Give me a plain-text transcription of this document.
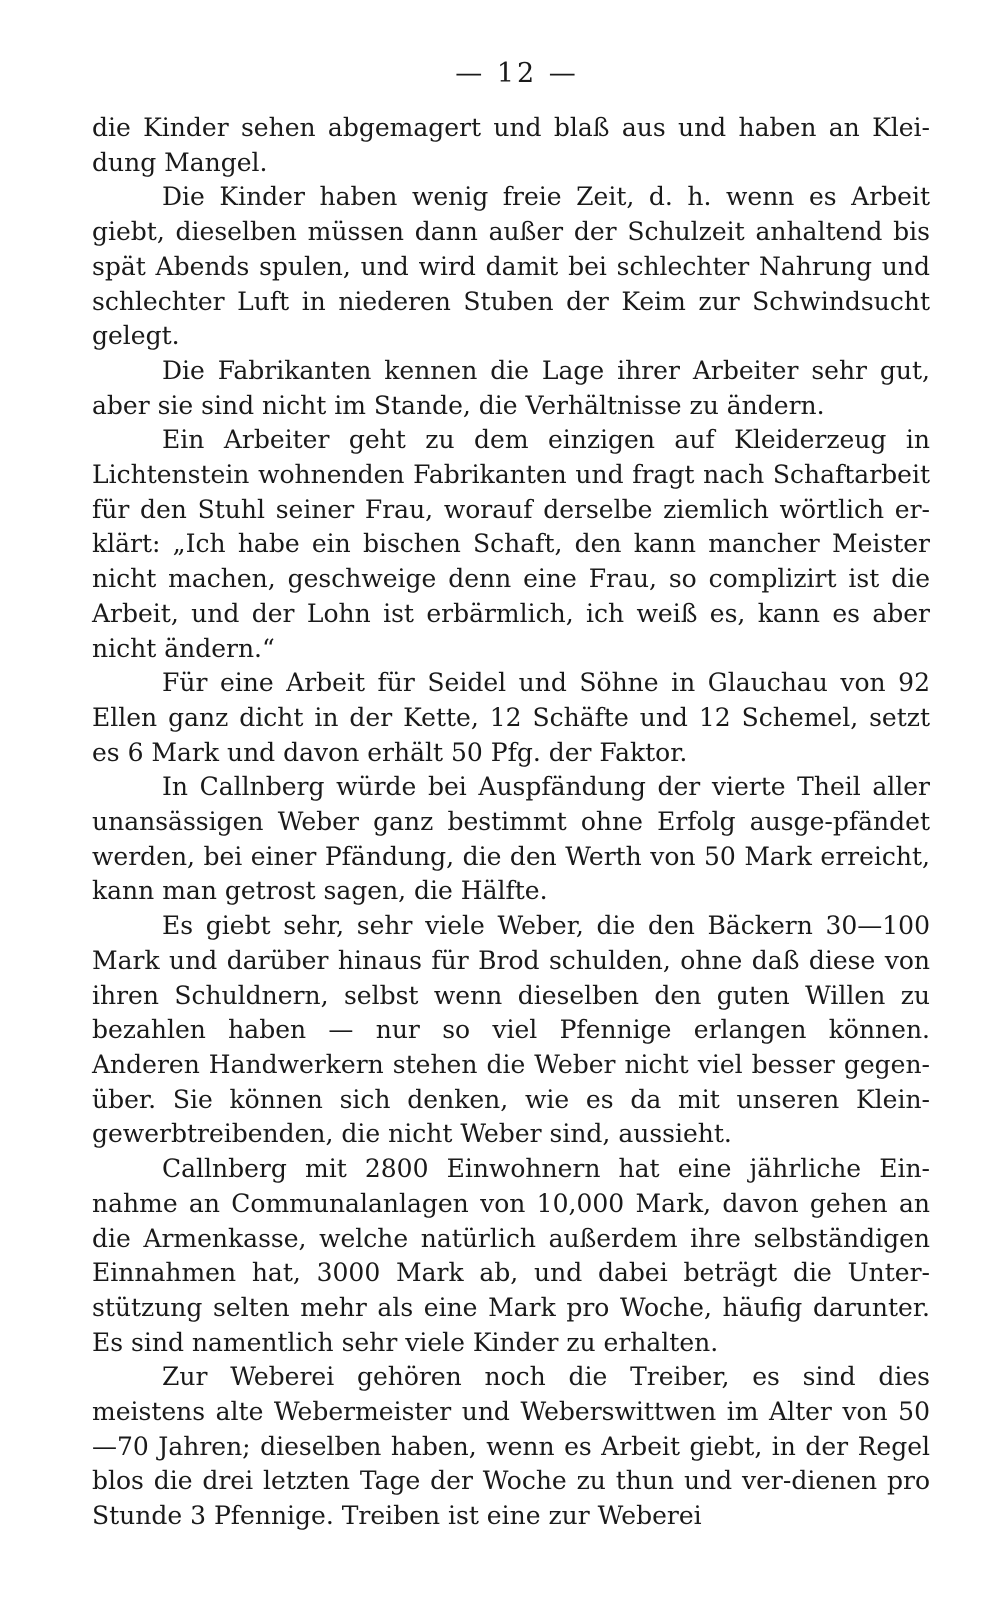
— 12 —

die Kinder sehen abgemagert und blaß aus und haben an Klei-dung Mangel.

Die Kinder haben wenig freie Zeit, d. h. wenn es Arbeit giebt, dieselben müssen dann außer der Schulzeit anhaltend bis spät Abends spulen, und wird damit bei schlechter Nahrung und schlechter Luft in niederen Stuben der Keim zur Schwindsucht gelegt.

Die Fabrikanten kennen die Lage ihrer Arbeiter sehr gut, aber sie sind nicht im Stande, die Verhältnisse zu ändern.

Ein Arbeiter geht zu dem einzigen auf Kleiderzeug in Lichtenstein wohnenden Fabrikanten und fragt nach Schaftarbeit für den Stuhl seiner Frau, worauf derselbe ziemlich wörtlich er-klärt: „Ich habe ein bischen Schaft, den kann mancher Meister nicht machen, geschweige denn eine Frau, so complizirt ist die Arbeit, und der Lohn ist erbärmlich, ich weiß es, kann es aber nicht ändern.“

Für eine Arbeit für Seidel und Söhne in Glauchau von 92 Ellen ganz dicht in der Kette, 12 Schäfte und 12 Schemel, setzt es 6 Mark und davon erhält 50 Pfg. der Faktor.

In Callnberg würde bei Auspfändung der vierte Theil aller unansässigen Weber ganz bestimmt ohne Erfolg ausge-pfändet werden, bei einer Pfändung, die den Werth von 50 Mark erreicht, kann man getrost sagen, die Hälfte.

Es giebt sehr, sehr viele Weber, die den Bäckern 30—100 Mark und darüber hinaus für Brod schulden, ohne daß diese von ihren Schuldnern, selbst wenn dieselben den guten Willen zu bezahlen haben — nur so viel Pfennige erlangen können. Anderen Handwerkern stehen die Weber nicht viel besser gegen-über. Sie können sich denken, wie es da mit unseren Klein-gewerbtreibenden, die nicht Weber sind, aussieht.

Callnberg mit 2800 Einwohnern hat eine jährliche Ein-nahme an Communalanlagen von 10,000 Mark, davon gehen an die Armenkasse, welche natürlich außerdem ihre selbständigen Einnahmen hat, 3000 Mark ab, und dabei beträgt die Unter-stützung selten mehr als eine Mark pro Woche, häufig darunter. Es sind namentlich sehr viele Kinder zu erhalten.

Zur Weberei gehören noch die Treiber, es sind dies meistens alte Webermeister und Weberswittwen im Alter von 50—70 Jahren; dieselben haben, wenn es Arbeit giebt, in der Regel blos die drei letzten Tage der Woche zu thun und ver-dienen pro Stunde 3 Pfennige. Treiben ist eine zur Weberei
